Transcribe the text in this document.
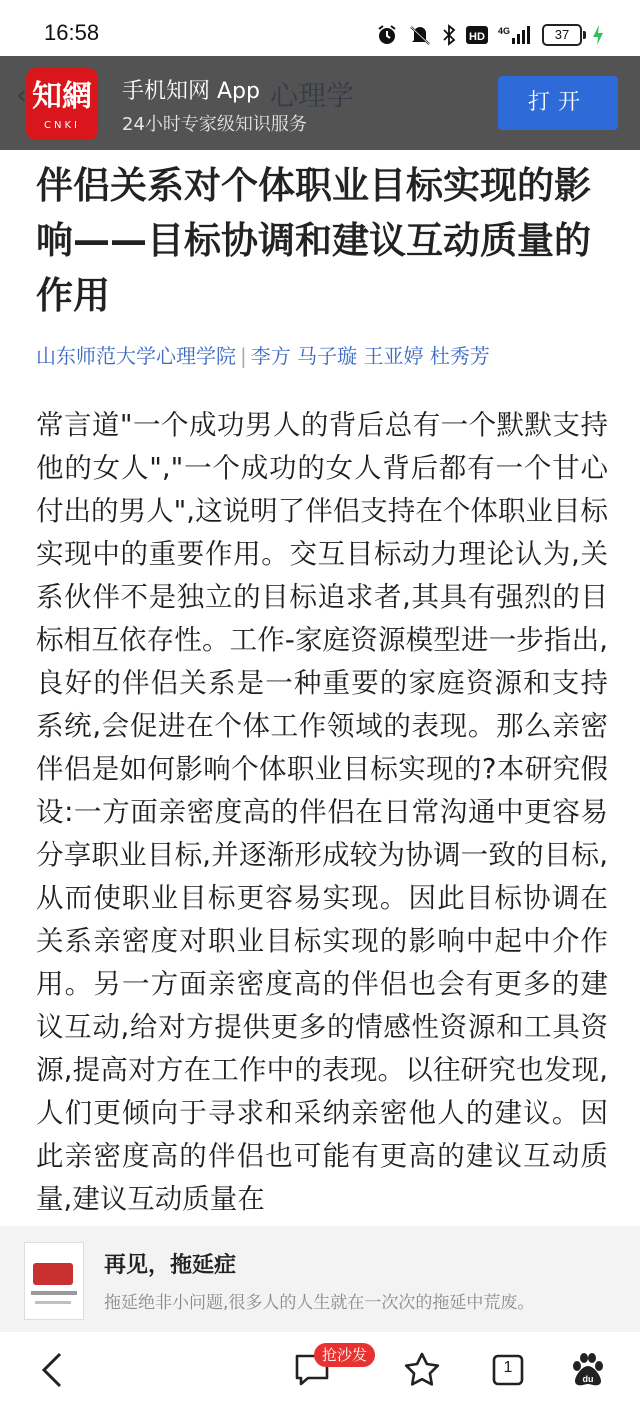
16:58	HD 4G	37
知網
CNKI
手机知网 App
24小时专家级知识服务
打开
伴侣关系对个体职业目标实现的影响——目标协调和建议互动质量的作用
山东师范大学心理学院 | 李方 马子璇 王亚婷 杜秀芳
常言道"一个成功男人的背后总有一个默默支持他的女人","一个成功的女人背后都有一个甘心付出的男人",这说明了伴侣支持在个体职业目标实现中的重要作用。交互目标动力理论认为,关系伙伴不是独立的目标追求者,其具有强烈的目标相互依存性。工作-家庭资源模型进一步指出,良好的伴侣关系是一种重要的家庭资源和支持系统,会促进在个体工作领域的表现。那么亲密伴侣是如何影响个体职业目标实现的?本研究假设:一方面亲密度高的伴侣在日常沟通中更容易分享职业目标,并逐渐形成较为协调一致的目标,从而使职业目标更容易实现。因此目标协调在关系亲密度对职业目标实现的影响中起中介作用。另一方面亲密度高的伴侣也会有更多的建议互动,给对方提供更多的情感性资源和工具资源,提高对方在工作中的表现。以往研究也发现,人们更倾向于寻求和采纳亲密他人的建议。因此亲密度高的伴侣也可能有更高的建议互动质量,建议互动质量在
再见，拖延症
拖延绝非小问题,很多人的人生就在一次次的拖延中荒废。
1
du
抢沙发
